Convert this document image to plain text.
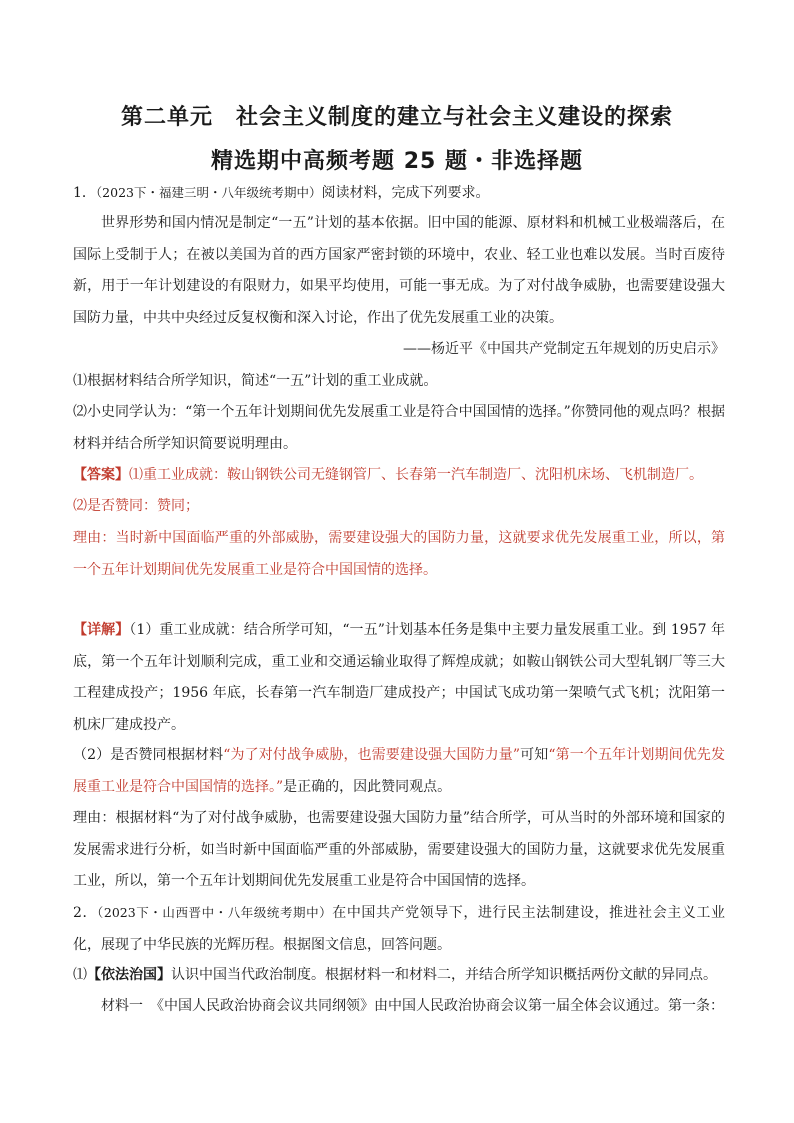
第二单元　社会主义制度的建立与社会主义建设的探索
精选期中高频考题 25 题・非选择题
1．（2023下・福建三明・八年级统考期中）阅读材料，完成下列要求。
世界形势和国内情况是制定“一五”计划的基本依据。旧中国的能源、原材料和机械工业极端落后，在国际上受制于人；在被以美国为首的西方国家严密封锁的环境中，农业、轻工业也难以发展。当时百废待新，用于一年计划建设的有限财力，如果平均使用，可能一事无成。为了对付战争威胁，也需要建设强大国防力量，中共中央经过反复权衡和深入讨论，作出了优先发展重工业的决策。
——杨近平《中国共产党制定五年规划的历史启示》
⑴根据材料结合所学知识，简述“一五”计划的重工业成就。
⑵小史同学认为：“第一个五年计划期间优先发展重工业是符合中国国情的选择。”你赞同他的观点吗？根据材料并结合所学知识简要说明理由。
【答案】⑴重工业成就：鞍山钢铁公司无缝钢管厂、长春第一汽车制造厂、沈阳机床场、飞机制造厂。
⑵是否赞同：赞同；
理由：当时新中国面临严重的外部威胁，需要建设强大的国防力量，这就要求优先发展重工业，所以，第一个五年计划期间优先发展重工业是符合中国国情的选择。
【详解】（1）重工业成就：结合所学可知，“一五”计划基本任务是集中主要力量发展重工业。到 1957 年底，第一个五年计划顺利完成，重工业和交通运输业取得了辉煌成就；如鞍山钢铁公司大型轧钢厂等三大工程建成投产；1956 年底，长春第一汽车制造厂建成投产；中国试飞成功第一架喷气式飞机；沈阳第一机床厂建成投产。
（2）是否赞同根据材料“为了对付战争威胁，也需要建设强大国防力量”可知“第一个五年计划期间优先发展重工业是符合中国国情的选择。”是正确的，因此赞同观点。
理由：根据材料“为了对付战争威胁，也需要建设强大国防力量”结合所学，可从当时的外部环境和国家的发展需求进行分析，如当时新中国面临严重的外部威胁，需要建设强大的国防力量，这就要求优先发展重工业，所以，第一个五年计划期间优先发展重工业是符合中国国情的选择。
2．（2023下・山西晋中・八年级统考期中）在中国共产党领导下，进行民主法制建设，推进社会主义工业化，展现了中华民族的光辉历程。根据图文信息，回答问题。
⑴【依法治国】认识中国当代政治制度。根据材料一和材料二，并结合所学知识概括两份文献的异同点。
材料一　《中国人民政治协商会议共同纲领》由中国人民政治协商会议第一届全体会议通过。第一条：
